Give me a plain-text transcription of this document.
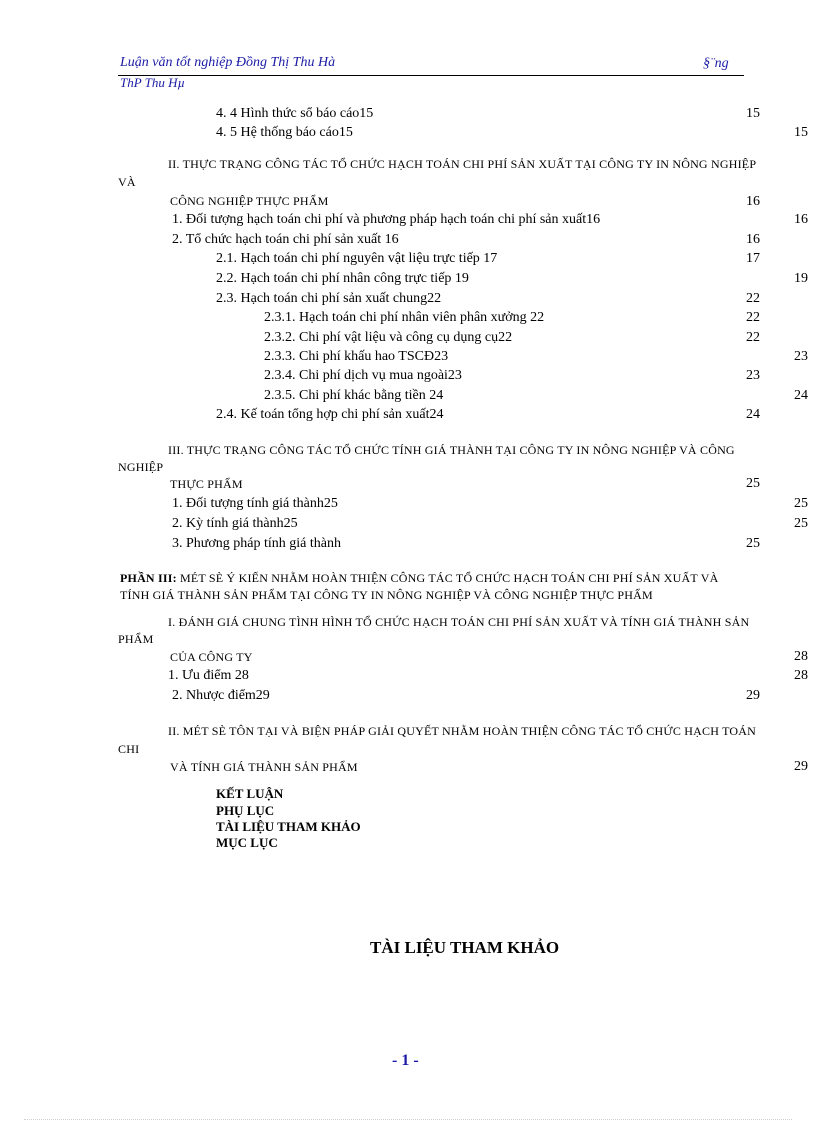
Luận văn tốt nghiệp Đồng Thị Thu Hà	§¨ng
ThP Thu Hµ
4. 4 Hình thức sổ báo cáo15	15
4. 5 Hệ thống báo cáo15	15
II. THỰC TRẠNG CÔNG TÁC TỔ CHỨC HẠCH TOÁN CHI PHÍ SẢN XUẤT TẠI CÔNG TY IN NÔNG NGHIỆP
VÀ
CÔNG NGHIỆP THỰC PHẨM	16
1. Đối tượng hạch toán chi phí và phương pháp hạch toán chi phí sản xuất16	16
2. Tổ chức hạch toán chi phí sản xuất 16	16
2.1. Hạch toán chi phí nguyên vật liệu trực tiếp 17	17
2.2. Hạch toán chi phí nhân công trực tiếp 19	19
2.3. Hạch toán chi phí sản xuất chung22	22
2.3.1. Hạch toán chi phí nhân viên phân xưởng 22	22
2.3.2. Chi phí vật liệu và công cụ dụng cụ22	22
2.3.3. Chi phí khấu hao TSCĐ23	23
2.3.4. Chi phí dịch vụ mua ngoài23	23
2.3.5. Chi phí khác bằng tiền 24	24
2.4. Kế toán tổng hợp chi phí sản xuất24	24
III. THỰC TRẠNG CÔNG TÁC TỔ CHỨC TÍNH GIÁ THÀNH TẠI CÔNG TY IN NÔNG NGHIỆP VÀ CÔNG
NGHIỆP
THỰC PHẨM	25
1. Đối tượng tính giá thành25	25
2. Kỳ tính giá thành25	25
3. Phương pháp tính giá thành	25
PHẦN III: MÉT SÈ Ý KIẾN NHẰM HOÀN THIỆN CÔNG TÁC TỔ CHỨC HẠCH TOÁN CHI PHÍ SẢN XUẤT VÀ
TÍNH GIÁ THÀNH SẢN PHẨM TẠI CÔNG TY IN NÔNG NGHIỆP VÀ CÔNG NGHIỆP THỰC PHẨM
I. ĐÁNH GIÁ CHUNG TÌNH HÌNH TỔ CHỨC HẠCH TOÁN CHI PHÍ SẢN XUẤT VÀ TÍNH GIÁ THÀNH SẢN
PHẨM
CỦA CÔNG TY	28
1. Ưu điểm 28	28
2. Nhược điểm29	29
II. MÉT SÈ TÔN TẠI VÀ BIỆN PHÁP GIẢI QUYẾT NHẰM HOÀN THIỆN CÔNG TÁC TỔ CHỨC HẠCH TOÁN
CHI
VÀ TÍNH GIÁ THÀNH SẢN PHẨM	29
KẾT LUẬN
PHỤ LỤC
TÀI LIỆU THAM KHẢO
MỤC LỤC
TÀI LIỆU THAM KHẢO
- 1 -
